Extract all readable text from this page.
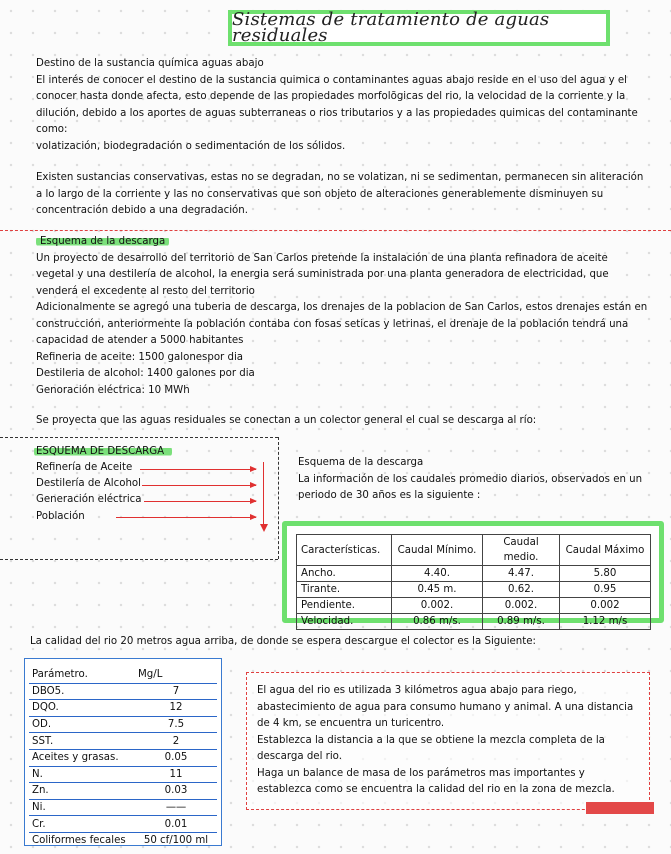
Sistemas de tratamiento de aguas residuales

Destino de la sustancia química aguas abajo

El interés de conocer el destino de la sustancia quimica o contaminantes aguas abajo reside en el uso del agua y el conocer hasta donde afecta, esto depende de las propiedades morfolõgicas del rio, la velocidad de la corriente y la dilución, debido a los aportes de aguas subterraneas o rios tributarios y a las propiedades quimicas del contaminante como:

volatización, biodegradación o sedimentación de los sólidos.

Existen sustancias conservativas, estas no se degradan, no se volatizan, ni se sedimentan, permanecen sin aliteración a lo largo de la corriente y las no conservativas que son objeto de alteraciones generablemente disminuyen su concentración debido a una degradación.

Esquema de la descarga

Un proyecto de desarrollo del territorio de San Carlos pretende la instalación de una planta refinadora de aceite vegetal y una destilería de alcohol, la energia será suministrada por una planta generadora de electricidad, que venderá el excedente al resto del territorio

Adicionalmente se agregó una tuberia de descarga, los drenajes de la poblacion de San Carlos, estos drenajes están en construcción, anteriormente la población contaba con fosas seticas y letrinas, el drenaje de la población tendrá una capacidad de atender a 5000 habitantes

Refineria de aceite: 1500 galonespor dia

Destileria de alcohol: 1400 galones por dia

Genoración eléctrica: 10 MWh

Se proyecta que las aguas residuales se conectan a un colector general el cual se descarga al río:

ESQUEMA DE DESCARGA
Refinería de Aceite
Destilería de Alcohol
Generación eléctrica
Población

Esquema de la descarga

La información de los caudales promedio diarios, observados en un periodo de 30 años es la siguiente :

Características.	Caudal Mínimo.	Caudal medio.	Caudal Máximo
Ancho.	4.40.	4.47.	5.80
Tirante.	0.45 m.	0.62.	0.95
Pendiente.	0.002.	0.002.	0.002
Velocidad.	0.86 m/s.	0.89 m/s.	1.12 m/s
La calidad del rio 20 metros agua arriba, de donde se espera descargue el colector es la Siguiente:
Parámetro.	Mg/L
DBO5.	7
DQO.	12
OD.	7.5
SST.	2
Aceites y grasas.	0.05
N.	11
Zn.	0.03
Ni.	——
Cr.	0.01
Coliformes fecales	50 cf/100 ml

El agua del rio es utilizada 3 kilómetros agua abajo para riego, abastecimiento de agua para consumo humano y animal. A una distancia de 4 km, se encuentra un turicentro.

Establezca la distancia a la que se obtiene la mezcla completa de la descarga del rio.

Haga un balance de masa de los parámetros mas importantes y establezca como se encuentra la calidad del rio en la zona de mezcla.
